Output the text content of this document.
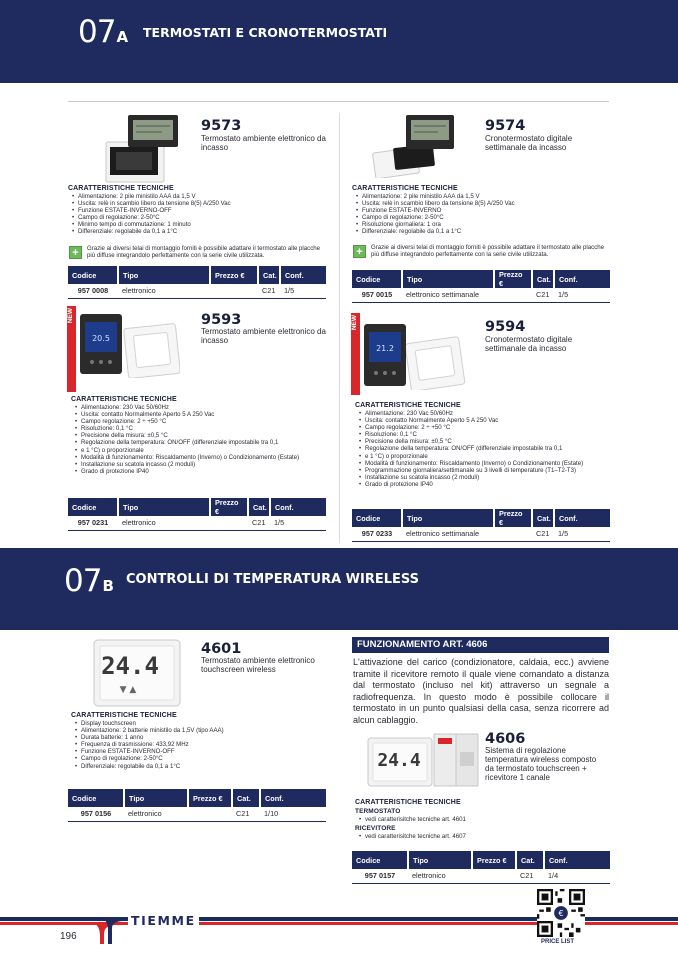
07A TERMOSTATI E CRONOTERMOSTATI
9573
Termostato ambiente elettronico da incasso
CARATTERISTICHE TECNICHE
• Alimentazione: 2 pile ministilo AAA da 1,5 V
• Uscita: relè in scambio libero da tensione 8(5) A/250 Vac
• Funzione ESTATE-INVERNO-OFF
• Campo di regolazione: 2-50°C
• Minimo tempo di commutazione: 1 minuto
• Differenziale: regolabile da 0,1 a 1°C
+	Grazie ai diversi telai di montaggio forniti è possibile adattare il termostato alle placche più diffuse integrandolo perfettamente con la serie civile utilizzata.
Codice	Tipo	Prezzo €	Cat.	Conf.
957 0008	elettronico		C21	1/5
9574
Cronotermostato digitale settimanale da incasso
CARATTERISTICHE TECNICHE
• Alimentazione: 2 pile ministilo AAA da 1,5 V
• Uscita: relè in scambio libero da tensione 8(5) A/250 Vac
• Funzione ESTATE-INVERNO
• Campo di regolazione: 2-50°C
• Risoluzione giornaliera: 1 ora
• Differenziale: regolabile da 0,1 a 1°C
+	Grazie ai diversi telai di montaggio forniti è possibile adattare il termostato alle placche più diffuse integrandolo perfettamente con la serie civile utilizzata.
Codice	Tipo	Prezzo €	Cat.	Conf.
957 0015	elettronico settimanale		C21	1/5
NEW
20.5
9593
Termostato ambiente elettronico da incasso
CARATTERISTICHE TECNICHE
• Alimentazione: 230 Vac 50/60Hz
• Uscita: contatto Normalmente Aperto 5 A 250 Vac
• Campo regolazione: 2 ÷ +50 °C
• Risoluzione: 0,1 °C
• Precisione della misura: ±0,5 °C
• Regolazione della temperatura: ON/OFF (differenziale impostabile tra 0,1
• e 1 °C) o proporzionale
• Modalità di funzionamento: Riscaldamento (Inverno) o Condizionamento (Estate)
• Installazione su scatola incasso (2 moduli)
• Grado di protezione IP40
Codice	Tipo	Prezzo €	Cat.	Conf.
957 0231	elettronico		C21	1/5
NEW
21.2
9594
Cronotermostato digitale settimanale da incasso
CARATTERISTICHE TECNICHE
• Alimentazione: 230 Vac 50/60Hz
• Uscita: contatto Normalmente Aperto 5 A 250 Vac
• Campo regolazione: 2 ÷ +50 °C
• Risoluzione: 0,1 °C
• Precisione della misura: ±0,5 °C
• Regolazione della temperatura: ON/OFF (differenziale impostabile tra 0,1
• e 1 °C) o proporzionale
• Modalità di funzionamento: Riscaldamento (Inverno) o Condizionamento (Estate)
• Programmazione giornaliera/settimanale su 3 livelli di temperature (T1–T2-T3)
• Installazione su scatola incasso (2 moduli)
• Grado di protezione IP40
Codice	Tipo	Prezzo €	Cat.	Conf.
957 0233	elettronico settimanale		C21	1/5
07B CONTROLLI DI TEMPERATURA WIRELESS
24.4
▼ ▲
4601
Termostato ambiente elettronico touchscreen wireless
CARATTERISTICHE TECNICHE
• Display touchscreen
• Alimentazione: 2 batterie ministilo da 1,5V (tipo AAA)
• Durata batterie: 1 anno
• Frequenza di trasmissione: 433,92 MHz
• Funzione ESTATE-INVERNO-OFF
• Campo di regolazione: 2-50°C
• Differenziale: regolabile da 0,1 a 1°C
Codice	Tipo	Prezzo €	Cat.	Conf.
957 0156	elettronico		C21	1/10
FUNZIONAMENTO ART. 4606
L'attivazione del carico (condizionatore, caldaia, ecc.) avviene tramite il ricevitore remoto il quale viene comandato a distanza dal termostato (incluso nel kit) attraverso un segnale a radiofrequenza. In questo modo è possibile collocare il termostato in un punto qualsiasi della casa, senza ricorrere ad alcun cablaggio.
24.4
4606
Sistema di regolazione temperatura wireless composto da termostato touchscreen + ricevitore 1 canale
CARATTERISTICHE TECNICHE
TERMOSTATO
• vedi caratterisitche tecniche art. 4601
RICEVITORE
• vedi caratterisitche tecniche art. 4607
Codice	Tipo	Prezzo €	Cat.	Conf.
957 0157	elettronico		C21	1/4
196
TIEMME	€
PRICE LIST
